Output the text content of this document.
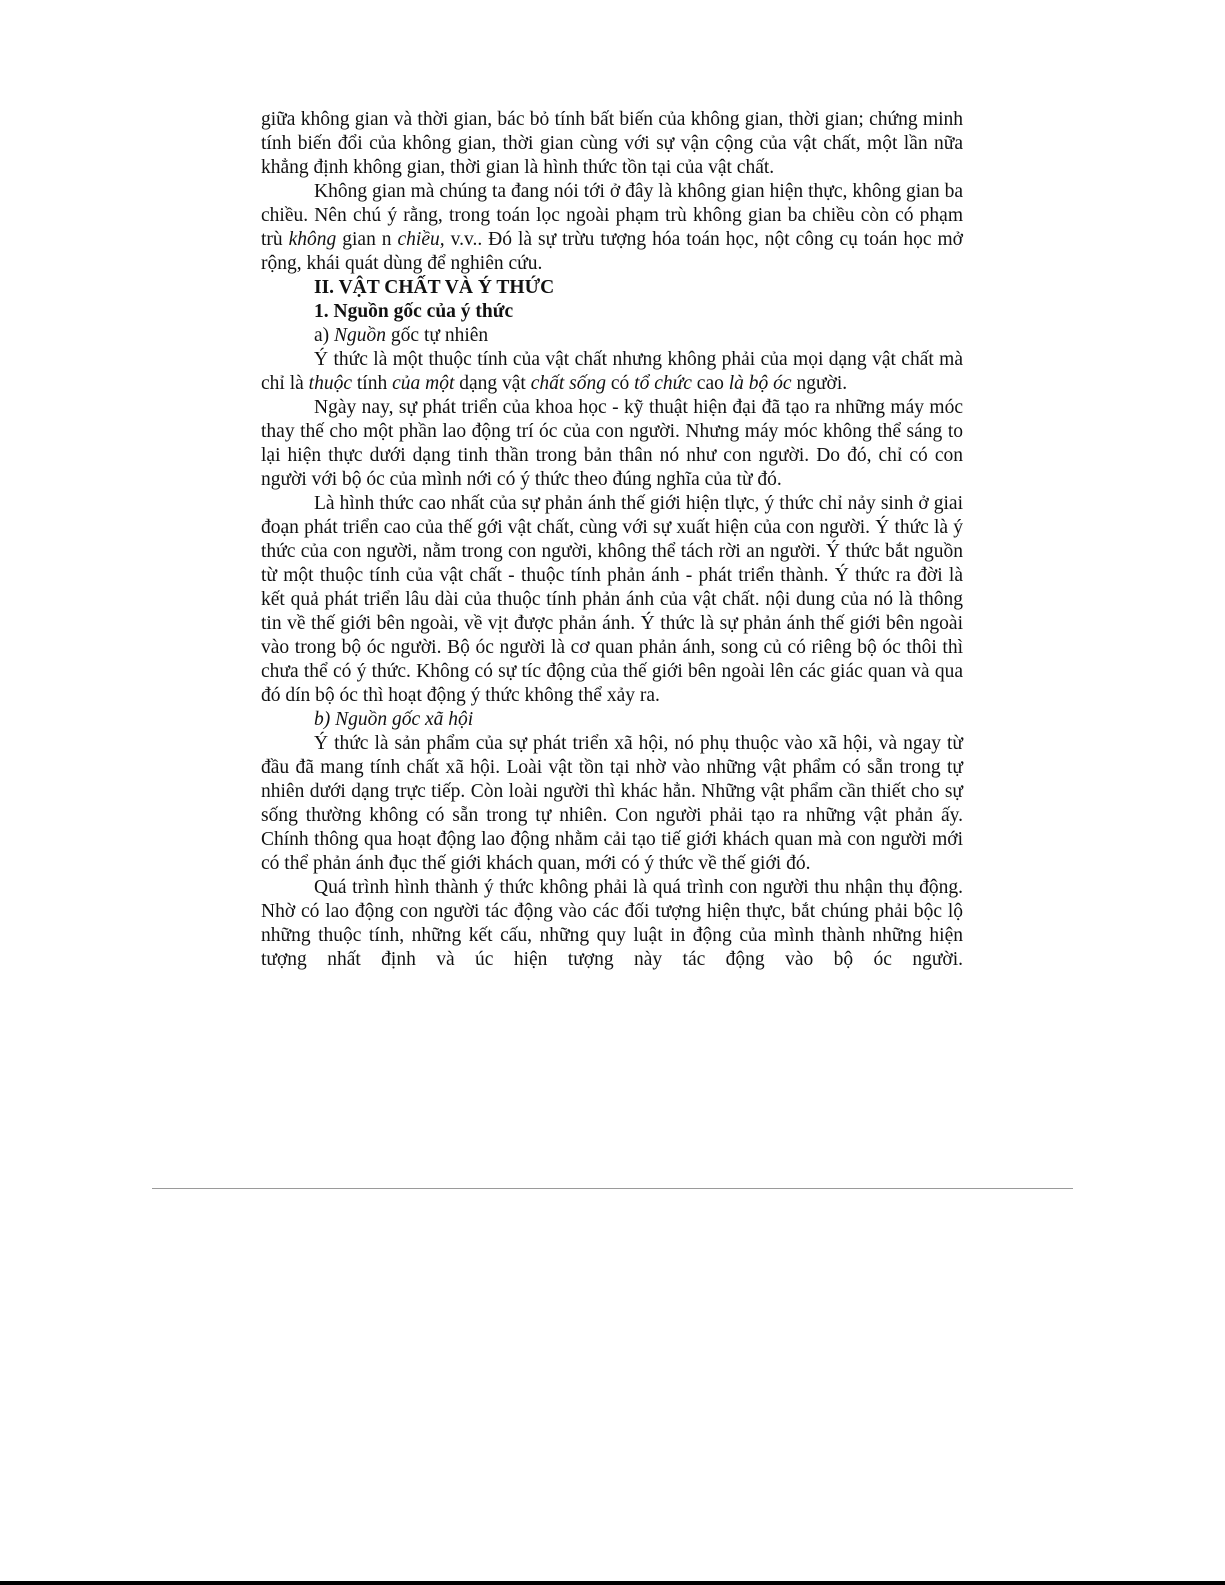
giữa không gian và thời gian, bác bỏ tính bất biến của không gian, thời gian; chứng minh tính biến đổi của không gian, thời gian cùng với sự vận cộng của vật chất, một lần nữa khẳng định không gian, thời gian là hình thức tồn tại của vật chất.

Không gian mà chúng ta đang nói tới ở đây là không gian hiện thực, không gian ba chiều. Nên chú ý rằng, trong toán lọc ngoài phạm trù không gian ba chiều còn có phạm trù không gian n chiều, v.v.. Đó là sự trừu tượng hóa toán học, nột công cụ toán học mở rộng, khái quát dùng để nghiên cứu.

II. VẬT CHẤT VÀ Ý THỨC

1. Nguồn gốc của ý thức

a) Nguồn gốc tự nhiên

Ý thức là một thuộc tính của vật chất nhưng không phải của mọi dạng vật chất mà chỉ là thuộc tính của một dạng vật chất sống có tổ chức cao là bộ óc người.

Ngày nay, sự phát triển của khoa học - kỹ thuật hiện đại đã tạo ra những máy móc thay thế cho một phần lao động trí óc của con người. Nhưng máy móc không thể sáng to lại hiện thực dưới dạng tinh thần trong bản thân nó như con người. Do đó, chỉ có con người với bộ óc của mình nới có ý thức theo đúng nghĩa của từ đó.

Là hình thức cao nhất của sự phản ánh thế giới hiện tlực, ý thức chỉ nảy sinh ở giai đoạn phát triển cao của thế gới vật chất, cùng với sự xuất hiện của con người. Ý thức là ý thức của con người, nằm trong con người, không thể tách rời an người. Ý thức bắt nguồn từ một thuộc tính của vật chất - thuộc tính phản ánh - phát triển thành. Ý thức ra đời là kết quả phát triển lâu dài của thuộc tính phản ánh của vật chất. nội dung của nó là thông tin về thế giới bên ngoài, về vịt được phản ánh. Ý thức là sự phản ánh thế giới bên ngoài vào trong bộ óc người. Bộ óc người là cơ quan phản ánh, song củ có riêng bộ óc thôi thì chưa thể có ý thức. Không có sự tíc động của thế giới bên ngoài lên các giác quan và qua đó dín bộ óc thì hoạt động ý thức không thể xảy ra.

b) Nguồn gốc xã hội

Ý thức là sản phẩm của sự phát triển xã hội, nó phụ thuộc vào xã hội, và ngay từ đầu đã mang tính chất xã hội. Loài vật tồn tại nhờ vào những vật phẩm có sẵn trong tự nhiên dưới dạng trực tiếp. Còn loài người thì khác hẳn. Những vật phẩm cần thiết cho sự sống thường không có sẵn trong tự nhiên. Con người phải tạo ra những vật phản ấy. Chính thông qua hoạt động lao động nhằm cải tạo tiế giới khách quan mà con người mới có thể phản ánh đục thế giới khách quan, mới có ý thức về thế giới đó.

Quá trình hình thành ý thức không phải là quá trình con người thu nhận thụ động. Nhờ có lao động con người tác động vào các đối tượng hiện thực, bắt chúng phải bộc lộ những thuộc tính, những kết cấu, những quy luật in động của mình thành những hiện tượng nhất định và úc hiện tượng này tác động vào bộ óc người.
